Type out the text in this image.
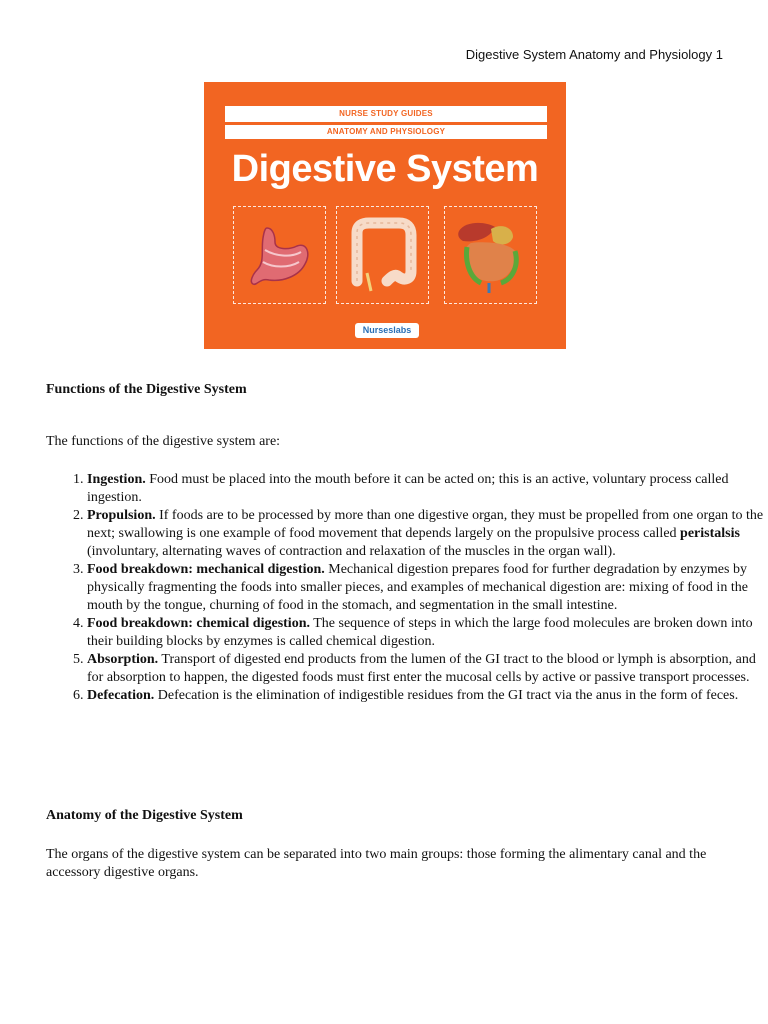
Digestive System Anatomy and Physiology 1
NURSE STUDY GUIDES
ANATOMY AND PHYSIOLOGY
Digestive System
Nurseslabs
Functions of the Digestive System
The functions of the digestive system are:
1. Ingestion. Food must be placed into the mouth before it can be acted on; this is an active, voluntary process called ingestion.
2. Propulsion. If foods are to be processed by more than one digestive organ, they must be propelled from one organ to the next; swallowing is one example of food movement that depends largely on the propulsive process called peristalsis (involuntary, alternating waves of contraction and relaxation of the muscles in the organ wall).
3. Food breakdown: mechanical digestion. Mechanical digestion prepares food for further degradation by enzymes by physically fragmenting the foods into smaller pieces, and examples of mechanical digestion are: mixing of food in the mouth by the tongue, churning of food in the stomach, and segmentation in the small intestine.
4. Food breakdown: chemical digestion. The sequence of steps in which the large food molecules are broken down into their building blocks by enzymes is called chemical digestion.
5. Absorption. Transport of digested end products from the lumen of the GI tract to the blood or lymph is absorption, and for absorption to happen, the digested foods must first enter the mucosal cells by active or passive transport processes.
6. Defecation. Defecation is the elimination of indigestible residues from the GI tract via the anus in the form of feces.
Anatomy of the Digestive System
The organs of the digestive system can be separated into two main groups: those forming the alimentary canal and the accessory digestive organs.
